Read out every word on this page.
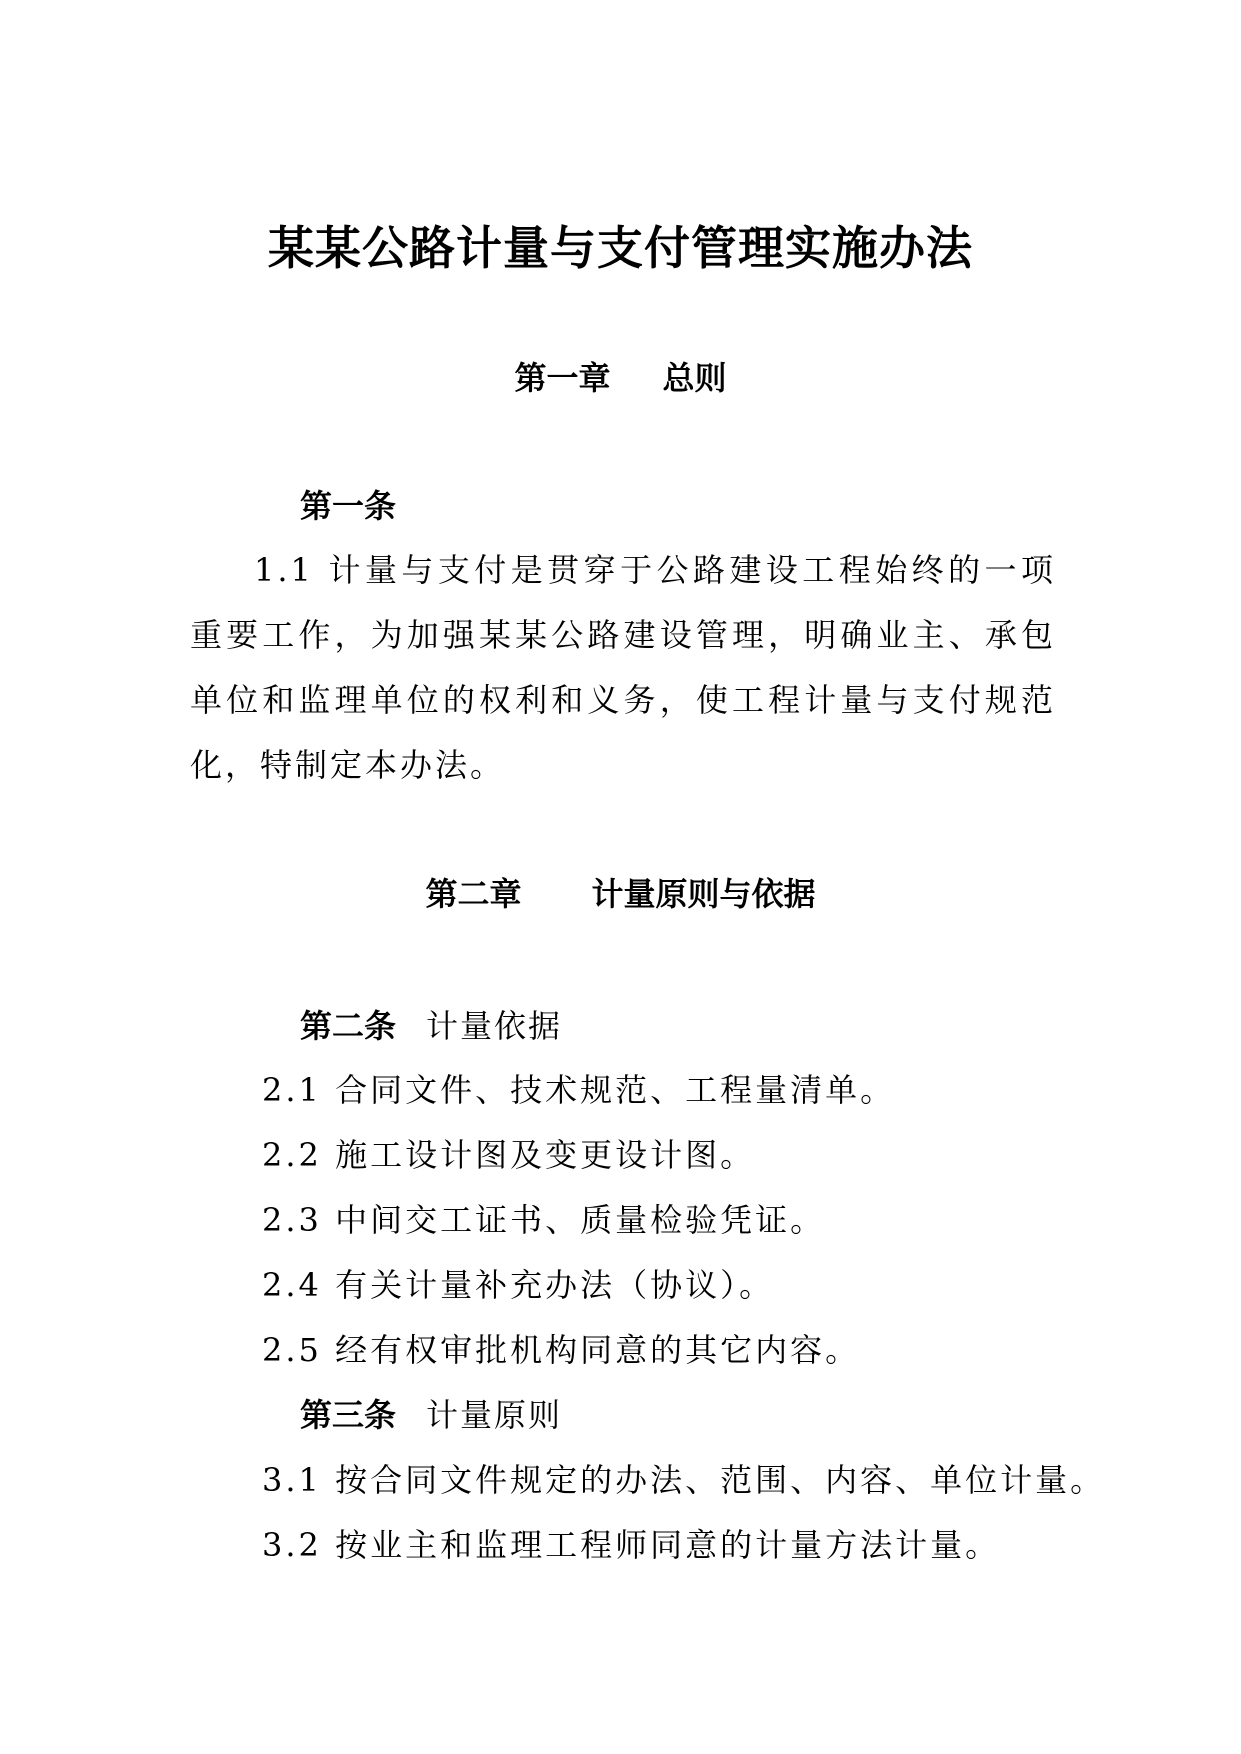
某某公路计量与支付管理实施办法
第一章 总则
第一条
1.1 计量与支付是贯穿于公路建设工程始终的一项重要工作，为加强某某公路建设管理，明确业主、承包单位和监理单位的权利和义务，使工程计量与支付规范化，特制定本办法。
第二章 计量原则与依据
第二条 计量依据
2.1 合同文件、技术规范、工程量清单。
2.2 施工设计图及变更设计图。
2.3 中间交工证书、质量检验凭证。
2.4 有关计量补充办法（协议）。
2.5 经有权审批机构同意的其它内容。
第三条 计量原则
3.1 按合同文件规定的办法、范围、内容、单位计量。
3.2 按业主和监理工程师同意的计量方法计量。
